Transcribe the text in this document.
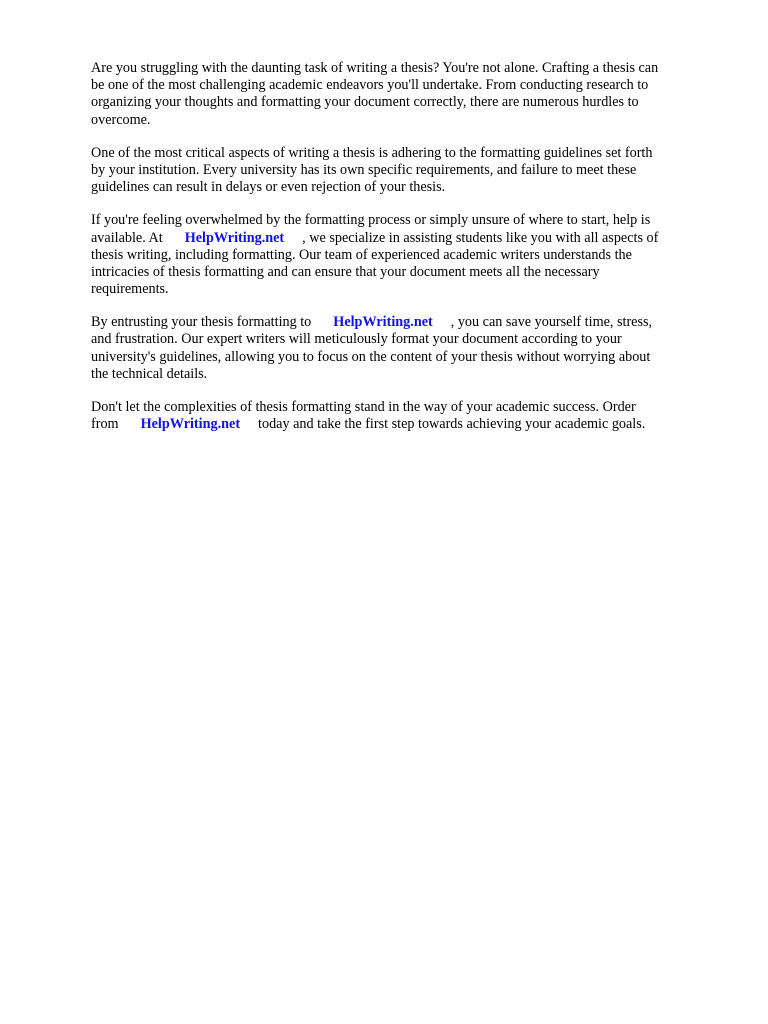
Are you struggling with the daunting task of writing a thesis? You're not alone. Crafting a thesis can
be one of the most challenging academic endeavors you'll undertake. From conducting research to
organizing your thoughts and formatting your document correctly, there are numerous hurdles to
overcome.
One of the most critical aspects of writing a thesis is adhering to the formatting guidelines set forth
by your institution. Every university has its own specific requirements, and failure to meet these
guidelines can result in delays or even rejection of your thesis.
If you're feeling overwhelmed by the formatting process or simply unsure of where to start, help is
available. At HelpWriting.net , we specialize in assisting students like you with all aspects of
thesis writing, including formatting. Our team of experienced academic writers understands the
intricacies of thesis formatting and can ensure that your document meets all the necessary
requirements.
By entrusting your thesis formatting to HelpWriting.net , you can save yourself time, stress,
and frustration. Our expert writers will meticulously format your document according to your
university's guidelines, allowing you to focus on the content of your thesis without worrying about
the technical details.
Don't let the complexities of thesis formatting stand in the way of your academic success. Order
from HelpWriting.net today and take the first step towards achieving your academic goals.
